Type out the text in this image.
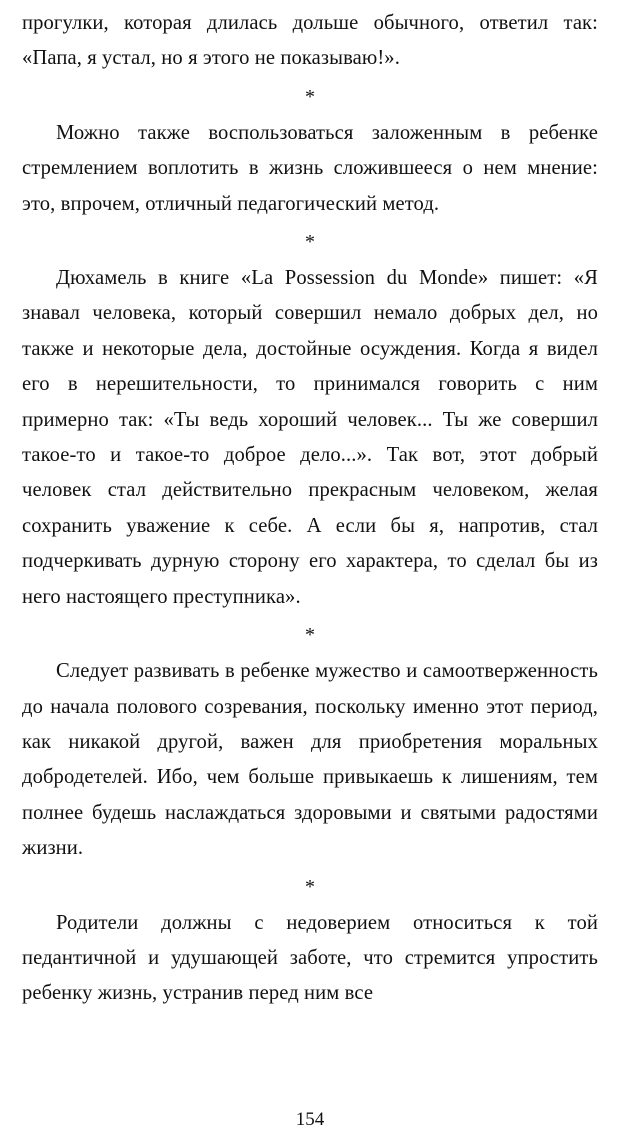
прогулки, которая длилась дольше обычного, ответил так: «Папа, я устал, но я этого не показываю!».

*

Можно также воспользоваться заложенным в ребенке стремлением воплотить в жизнь сложившееся о нем мнение: это, впрочем, отличный педагогический метод.

*

Дюхамель в книге «La Possession du Monde» пишет: «Я знавал человека, который совершил немало добрых дел, но также и некоторые дела, достойные осуждения. Когда я видел его в нерешительности, то принимался говорить с ним примерно так: «Ты ведь хороший человек... Ты же совершил такое-то и такое-то доброе дело...». Так вот, этот добрый человек стал действительно прекрасным человеком, желая сохранить уважение к себе. А если бы я, напротив, стал подчеркивать дурную сторону его характера, то сделал бы из него настоящего преступника».

*

Следует развивать в ребенке мужество и самоотверженность до начала полового созревания, поскольку именно этот период, как никакой другой, важен для приобретения моральных добродетелей. Ибо, чем больше привыкаешь к лишениям, тем полнее будешь наслаждаться здоровыми и святыми радостями жизни.

*

Родители должны с недоверием относиться к той педантичной и удушающей заботе, что стремится упростить ребенку жизнь, устранив перед ним все

154
